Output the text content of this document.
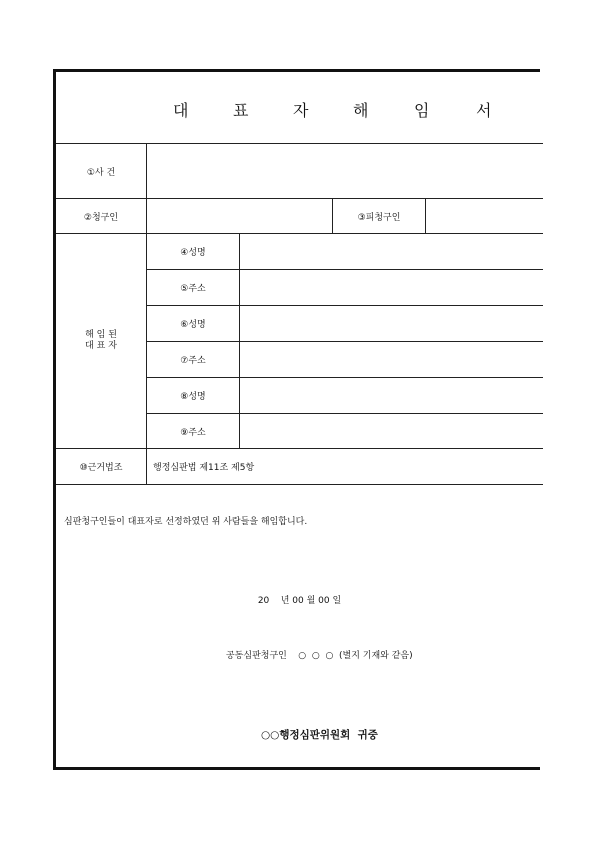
대	표	자	해	임	서
①사 건
②청구인	③피청구인
해 임 된
대 표 자
④성명
⑤주소
⑥성명
⑦주소
⑧성명
⑨주소
⑩근거법조	행정심판법 제11조 제5항
심판청구인들이 대표자로 선정하였던 위 사람들을 해임합니다.
20    년 00 월 00 일
공동심판청구인    ○  ○  ○  (별지 기재와 같음)
○○행정심판위원회  귀중
